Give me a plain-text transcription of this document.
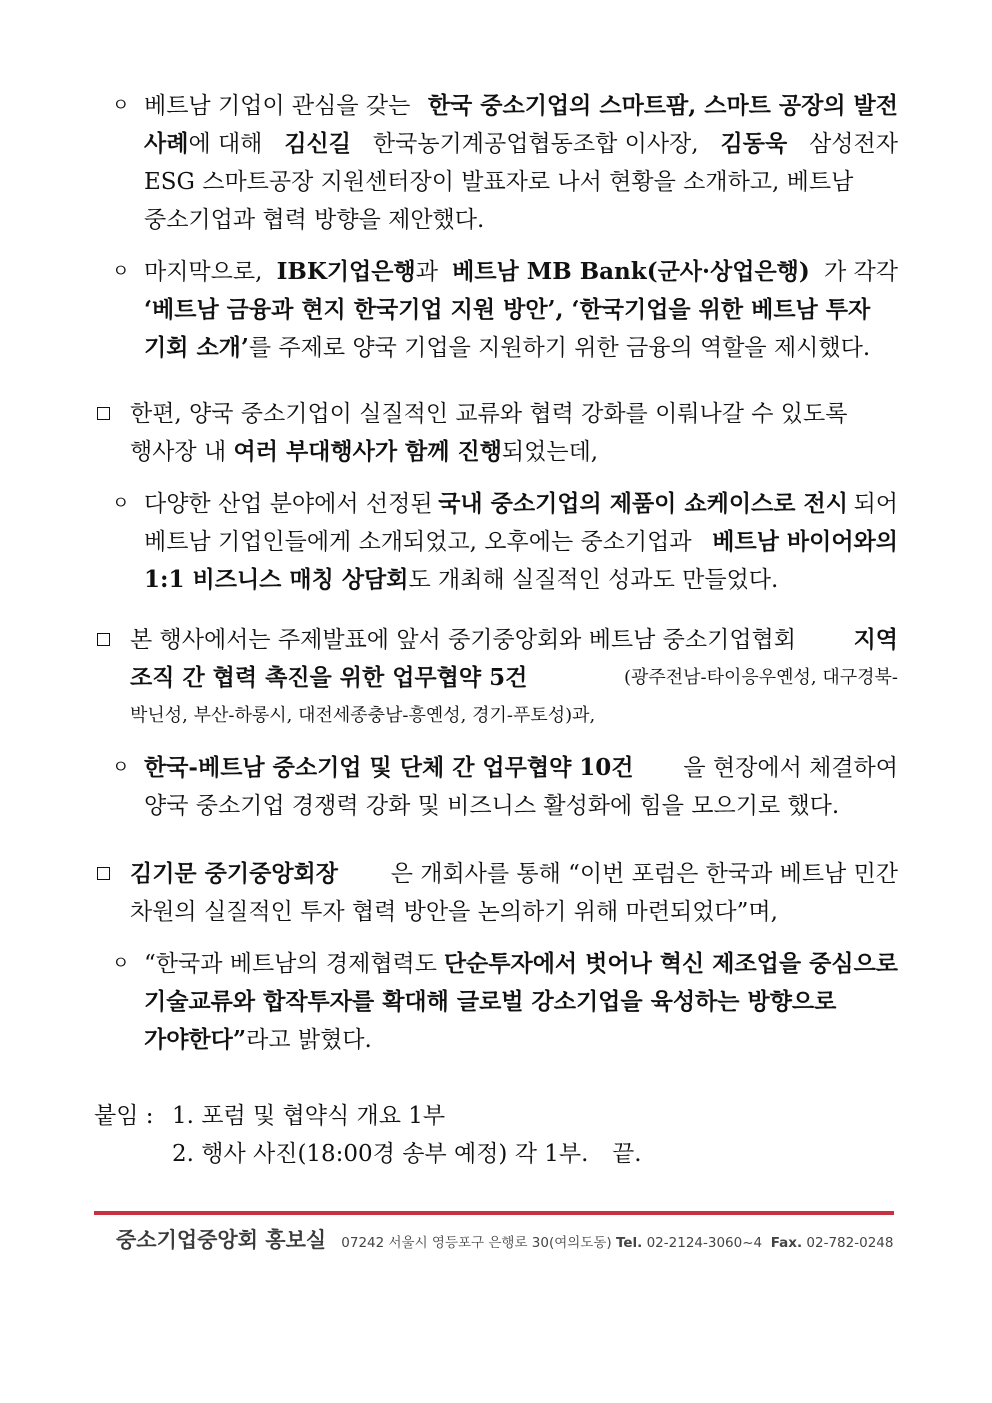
ㅇ 베트남 기업이 관심을 갖는 한국 중소기업의 스마트팜, 스마트 공장의 발전
사례에 대해 김신길 한국농기계공업협동조합 이사장, 김동욱 삼성전자
ESG 스마트공장 지원센터장이 발표자로 나서 현황을 소개하고, 베트남
중소기업과 협력 방향을 제안했다.
ㅇ 마지막으로, IBK기업은행과 베트남 MB Bank(군사·상업은행) 가 각각
‘베트남 금융과 현지 한국기업 지원 방안’, ‘한국기업을 위한 베트남 투자
기회 소개’를 주제로 양국 기업을 지원하기 위한 금융의 역할을 제시했다.
한편, 양국 중소기업이 실질적인 교류와 협력 강화를 이뤄나갈 수 있도록
행사장 내 여러 부대행사가 함께 진행되었는데,
ㅇ 다양한 산업 분야에서 선정된 국내 중소기업의 제품이 쇼케이스로 전시 되어
베트남 기업인들에게 소개되었고, 오후에는 중소기업과 베트남 바이어와의
1:1 비즈니스 매칭 상담회도 개최해 실질적인 성과도 만들었다.
본 행사에서는 주제발표에 앞서 중기중앙회와 베트남 중소기업협회	지역
조직 간 협력 촉진을 위한 업무협약 5건	(광주전남-타이응우옌성, 대구경북-
박닌성, 부산-하롱시, 대전세종충남-흥옌성, 경기-푸토성)과,
ㅇ 한국-베트남 중소기업 및 단체 간 업무협약 10건 을 현장에서 체결하여
양국 중소기업 경쟁력 강화 및 비즈니스 활성화에 힘을 모으기로 했다.
김기문 중기중앙회장 은 개회사를 통해 “이번 포럼은 한국과 베트남 민간
차원의 실질적인 투자 협력 방안을 논의하기 위해 마련되었다”며,
ㅇ “한국과 베트남의 경제협력도 단순투자에서 벗어나 혁신 제조업을 중심으로
기술교류와 합작투자를 확대해 글로벌 강소기업을 육성하는 방향으로
가야한다”라고 밝혔다.
붙임 : 1. 포럼 및 협약식 개요 1부
2. 행사 사진(18:00경 송부 예정) 각 1부. 끝.
중소기업중앙회 홍보실 07242 서울시 영등포구 은행로 30(여의도동) Tel. 02-2124-3060~4 Fax. 02-782-0248
